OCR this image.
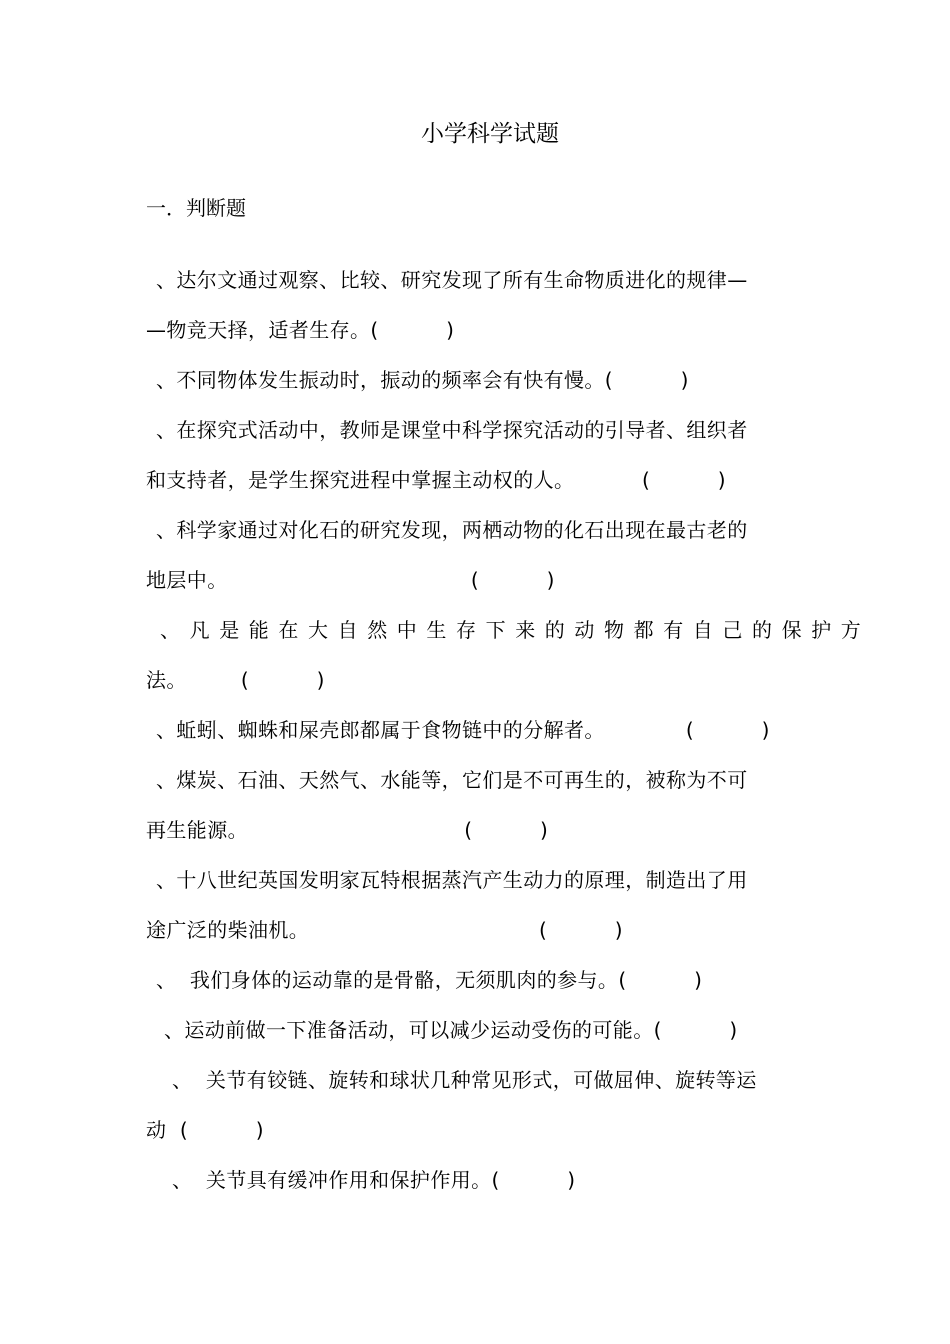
小学科学试题
一．判断题
、达尔文通过观察、比较、研究发现了所有生命物质进化的规律—
—物竞天择，适者生存。(          )
、不同物体发生振动时，振动的频率会有快有慢。(          )
、在探究式活动中，教师是课堂中科学探究活动的引导者、组织者
和支持者，是学生探究进程中掌握主动权的人。          (          )
、科学家通过对化石的研究发现，两栖动物的化石出现在最古老的
地层中。                                    (          )
、凡是能在大自然中生存下来的动物都有自己的保护方
法。        (          )
、蚯蚓、蜘蛛和屎壳郎都属于食物链中的分解者。            (          )
、煤炭、石油、天然气、水能等，它们是不可再生的，被称为不可
再生能源。                                (          )
、十八世纪英国发明家瓦特根据蒸汽产生动力的原理，制造出了用
途广泛的柴油机。                                  (          )
、  我们身体的运动靠的是骨骼，无须肌肉的参与。(          )
、运动前做一下准备活动，可以减少运动受伤的可能。(          )
、  关节有铰链、旋转和球状几种常见形式，可做屈伸、旋转等运
动  (          )
、  关节具有缓冲作用和保护作用。(          )
